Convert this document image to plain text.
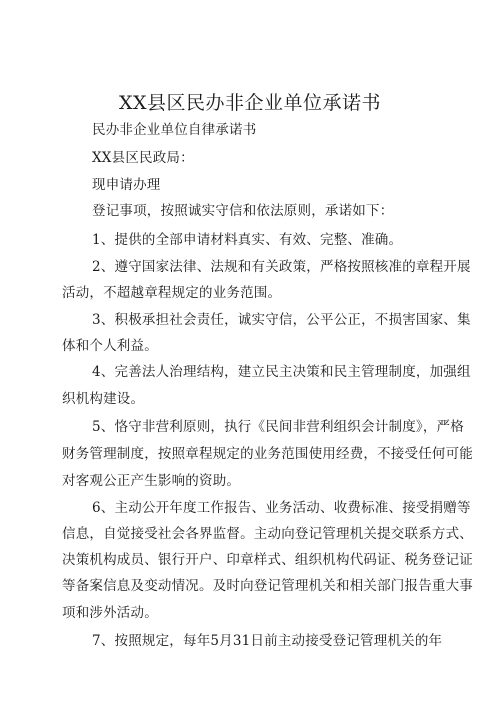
XX县区民办非企业单位承诺书
民办非企业单位自律承诺书
XX县区民政局：
现申请办理
登记事项，按照诚实守信和依法原则，承诺如下：
1、提供的全部申请材料真实、有效、完整、准确。
2、遵守国家法律、法规和有关政策，严格按照核准的章程开展
活动，不超越章程规定的业务范围。
3、积极承担社会责任，诚实守信，公平公正，不损害国家、集
体和个人利益。
4、完善法人治理结构，建立民主决策和民主管理制度，加强组
织机构建设。
5、恪守非营利原则，执行《民间非营利组织会计制度》，严格
财务管理制度，按照章程规定的业务范围使用经费，不接受任何可能
对客观公正产生影响的资助。
6、主动公开年度工作报告、业务活动、收费标准、接受捐赠等
信息，自觉接受社会各界监督。主动向登记管理机关提交联系方式、
决策机构成员、银行开户、印章样式、组织机构代码证、税务登记证
等备案信息及变动情况。及时向登记管理机关和相关部门报告重大事
项和涉外活动。
7、按照规定，每年5月31日前主动接受登记管理机关的年
